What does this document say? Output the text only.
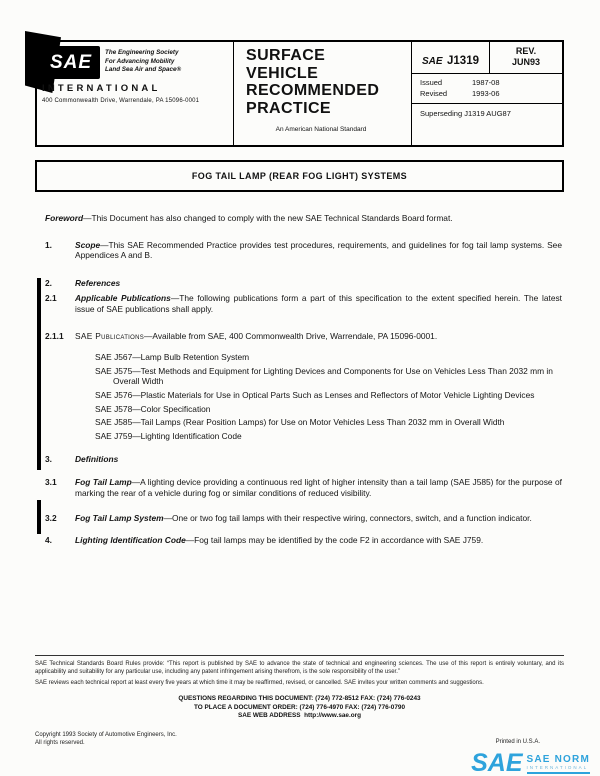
SAE	The Engineering Society
For Advancing Mobility
Land Sea Air and Space®
INTERNATIONAL
400 Commonwealth Drive, Warrendale, PA 15096-0001
SURFACE
VEHICLE
RECOMMENDED
PRACTICE
An American National Standard
SAE J1319
REV.
JUN93
Issued	1987-08
Revised	1993-06
Superseding J1319 AUG87
FOG TAIL LAMP (REAR FOG LIGHT) SYSTEMS

Foreword—This Document has also changed to comply with the new SAE Technical Standards Board format.

1.	Scope—This SAE Recommended Practice provides test procedures, requirements, and guidelines for fog tail lamp systems. See Appendices A and B.

2.	References

2.1	Applicable Publications—The following publications form a part of this specification to the extent specified herein. The latest issue of SAE publications shall apply.

2.1.1	SAE Publications—Available from SAE, 400 Commonwealth Drive, Warrendale, PA 15096-0001.

SAE J567—Lamp Bulb Retention System

SAE J575—Test Methods and Equipment for Lighting Devices and Components for Use on Vehicles Less Than 2032 mm in Overall Width

SAE J576—Plastic Materials for Use in Optical Parts Such as Lenses and Reflectors of Motor Vehicle Lighting Devices

SAE J578—Color Specification

SAE J585—Tail Lamps (Rear Position Lamps) for Use on Motor Vehicles Less Than 2032 mm in Overall Width

SAE J759—Lighting Identification Code

3.	Definitions

3.1	Fog Tail Lamp—A lighting device providing a continuous red light of higher intensity than a tail lamp (SAE J585) for the purpose of marking the rear of a vehicle during fog or similar conditions of reduced visibility.

3.2	Fog Tail Lamp System—One or two fog tail lamps with their respective wiring, connectors, switch, and a function indicator.

4.	Lighting Identification Code—Fog tail lamps may be identified by the code F2 in accordance with SAE J759.

SAE Technical Standards Board Rules provide: “This report is published by SAE to advance the state of technical and engineering sciences. The use of this report is entirely voluntary, and its applicability and suitability for any particular use, including any patent infringement arising therefrom, is the sole responsibility of the user.”

SAE reviews each technical report at least every five years at which time it may be reaffirmed, revised, or cancelled. SAE invites your written comments and suggestions.

QUESTIONS REGARDING THIS DOCUMENT: (724) 772-8512 FAX: (724) 776-0243
TO PLACE A DOCUMENT ORDER: (724) 776-4970 FAX: (724) 776-0790
SAE WEB ADDRESS http://www.sae.org
Copyright 1993 Society of Automotive Engineers, Inc.
All rights reserved.	Printed in U.S.A.
SAE SAE NORM
INTERNATIONAL
